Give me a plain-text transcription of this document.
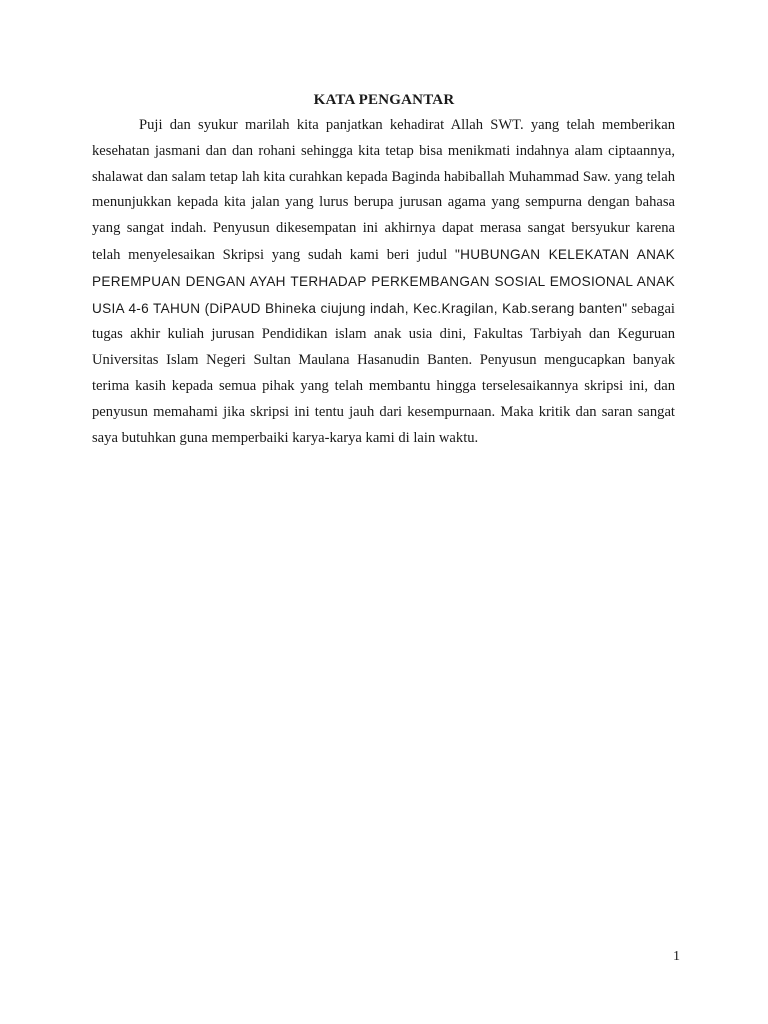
KATA PENGANTAR

Puji dan syukur marilah kita panjatkan kehadirat Allah SWT. yang telah memberikan kesehatan jasmani dan dan rohani sehingga kita tetap bisa menikmati indahnya alam ciptaannya, shalawat dan salam tetap lah kita curahkan kepada Baginda habiballah Muhammad Saw. yang telah menunjukkan kepada kita jalan yang lurus berupa jurusan agama yang sempurna dengan bahasa yang sangat indah. Penyusun dikesempatan ini akhirnya dapat merasa sangat bersyukur karena telah menyelesaikan Skripsi yang sudah kami beri judul "HUBUNGAN KELEKATAN ANAK PEREMPUAN DENGAN AYAH TERHADAP PERKEMBANGAN SOSIAL EMOSIONAL ANAK USIA 4-6 TAHUN (DiPAUD Bhineka ciujung indah, Kec.Kragilan, Kab.serang banten" sebagai tugas akhir kuliah jurusan Pendidikan islam anak usia dini, Fakultas Tarbiyah dan Keguruan Universitas Islam Negeri Sultan Maulana Hasanudin Banten. Penyusun mengucapkan banyak terima kasih kepada semua pihak yang telah membantu hingga terselesaikannya skripsi ini, dan penyusun memahami jika skripsi ini tentu jauh dari kesempurnaan. Maka kritik dan saran sangat saya butuhkan guna memperbaiki karya-karya kami di lain waktu.

1
